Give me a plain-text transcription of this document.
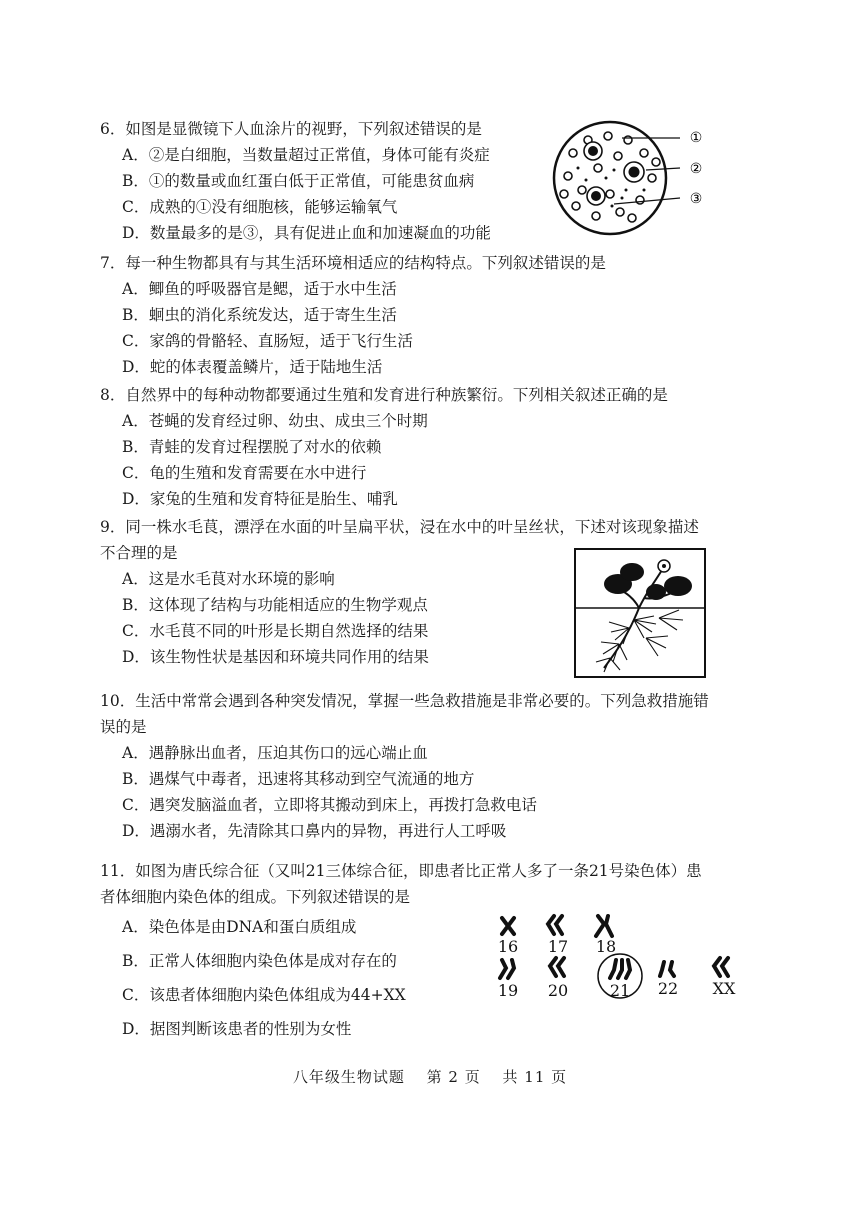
6．如图是显微镜下人血涂片的视野，下列叙述错误的是

A．②是白细胞，当数量超过正常值，身体可能有炎症

B．①的数量或血红蛋白低于正常值，可能患贫血病

C．成熟的①没有细胞核，能够运输氧气

D．数量最多的是③，具有促进止血和加速凝血的功能

①
②
③

7．每一种生物都具有与其生活环境相适应的结构特点。下列叙述错误的是

A．鲫鱼的呼吸器官是鳃，适于水中生活

B．蛔虫的消化系统发达，适于寄生生活

C．家鸽的骨骼轻、直肠短，适于飞行生活

D．蛇的体表覆盖鳞片，适于陆地生活

8．自然界中的每种动物都要通过生殖和发育进行种族繁衍。下列相关叙述正确的是

A．苍蝇的发育经过卵、幼虫、成虫三个时期

B．青蛙的发育过程摆脱了对水的依赖

C．龟的生殖和发育需要在水中进行

D．家兔的生殖和发育特征是胎生、哺乳

9．同一株水毛茛，漂浮在水面的叶呈扁平状，浸在水中的叶呈丝状，下述对该现象描述

不合理的是

A．这是水毛茛对水环境的影响

B．这体现了结构与功能相适应的生物学观点

C．水毛茛不同的叶形是长期自然选择的结果

D．该生物性状是基因和环境共同作用的结果

10．生活中常常会遇到各种突发情况，掌握一些急救措施是非常必要的。下列急救措施错

误的是

A．遇静脉出血者，压迫其伤口的远心端止血

B．遇煤气中毒者，迅速将其移动到空气流通的地方

C．遇突发脑溢血者，立即将其搬动到床上，再拨打急救电话

D．遇溺水者，先清除其口鼻内的异物，再进行人工呼吸

11．如图为唐氏综合征（又叫21三体综合征，即患者比正常人多了一条21号染色体）患

者体细胞内染色体的组成。下列叙述错误的是

A．染色体是由DNA和蛋白质组成

B．正常人体细胞内染色体是成对存在的

C．该患者体细胞内染色体组成为44+XX

D．据图判断该患者的性别为女性

16 17 18
19 20	21 22 XX
八年级生物试题 第 2 页 共 11 页
